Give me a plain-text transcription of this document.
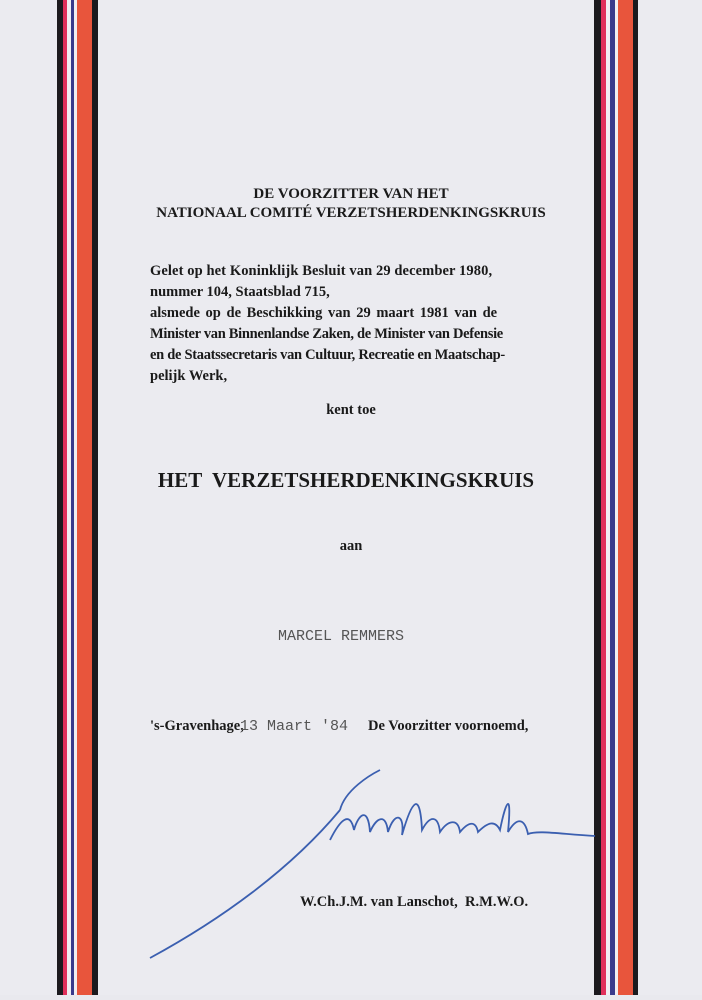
DE VOORZITTER VAN HET
NATIONAAL COMITÉ VERZETSHERDENKINGSKRUIS
Gelet op het Koninklijk Besluit van 29 december 1980,
nummer 104, Staatsblad 715,
alsmede op de Beschikking van 29 maart 1981 van de
Minister van Binnenlandse Zaken, de Minister van Defensie
en de Staatssecretaris van Cultuur, Recreatie en Maatschap-
pelijk Werk,
kent toe
HET  VERZETSHERDENKINGSKRUIS
aan
MARCEL REMMERS
's-Gravenhage,
13 Maart '84 De Voorzitter voornoemd,
W.Ch.J.M. van Lanschot,  R.M.W.O.
